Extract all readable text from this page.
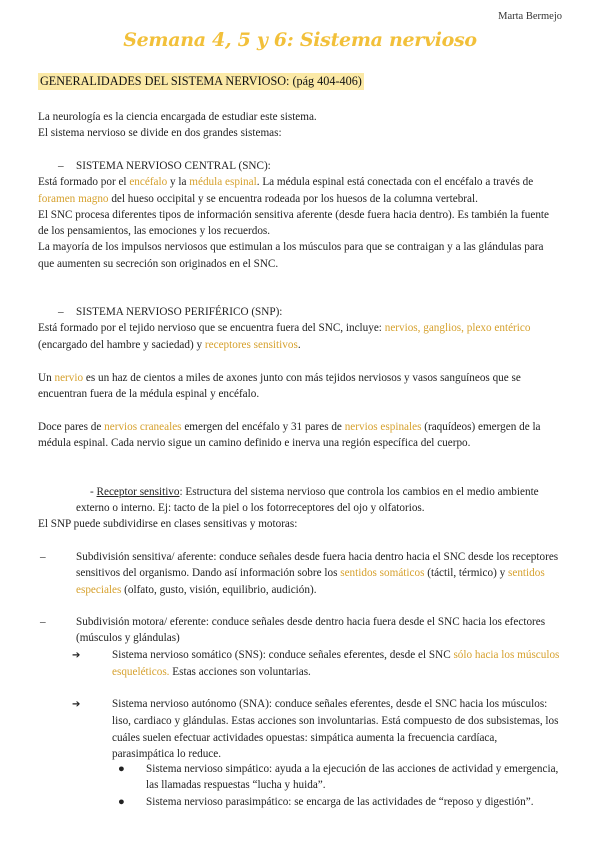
Marta Bermejo
Semana 4, 5 y 6: Sistema nervioso
GENERALIDADES DEL SISTEMA NERVIOSO: (pág 404-406)

La neurología es la ciencia encargada de estudiar este sistema.

El sistema nervioso se divide en dos grandes sistemas:

– SISTEMA NERVIOSO CENTRAL (SNC):

Está formado por el encéfalo y la médula espinal. La médula espinal está conectada con el encéfalo a través de foramen magno del hueso occipital y se encuentra rodeada por los huesos de la columna vertebral.

El SNC procesa diferentes tipos de información sensitiva aferente (desde fuera hacia dentro). Es también la fuente de los pensamientos, las emociones y los recuerdos.

La mayoría de los impulsos nerviosos que estimulan a los músculos para que se contraigan y a las glándulas para que aumenten su secreción son originados en el SNC.

– SISTEMA NERVIOSO PERIFÉRICO (SNP):

Está formado por el tejido nervioso que se encuentra fuera del SNC, incluye: nervios, ganglios, plexo entérico (encargado del hambre y saciedad) y receptores sensitivos.

Un nervio es un haz de cientos a miles de axones junto con más tejidos nerviosos y vasos sanguíneos que se encuentran fuera de la médula espinal y encéfalo.

Doce pares de nervios craneales emergen del encéfalo y 31 pares de nervios espinales (raquídeos) emergen de la médula espinal. Cada nervio sigue un camino definido e inerva una región específica del cuerpo.

- Receptor sensitivo: Estructura del sistema nervioso que controla los cambios en el medio ambiente externo o interno. Ej: tacto de la piel o los fotorreceptores del ojo y olfatorios.

El SNP puede subdividirse en clases sensitivas y motoras:

–	Subdivisión sensitiva/ aferente: conduce señales desde fuera hacia dentro hacia el SNC desde los receptores sensitivos del organismo. Dando así información sobre los sentidos somáticos (táctil, térmico) y sentidos especiales (olfato, gusto, visión, equilibrio, audición).

–	Subdivisión motora/ eferente: conduce señales desde dentro hacia fuera desde el SNC hacia los efectores (músculos y glándulas)

➔	Sistema nervioso somático (SNS): conduce señales eferentes, desde el SNC sólo hacia los músculos esqueléticos. Estas acciones son voluntarias.

➔	Sistema nervioso autónomo (SNA): conduce señales eferentes, desde el SNC hacia los músculos: liso, cardiaco y glándulas. Estas acciones son involuntarias. Está compuesto de dos subsistemas, los cuáles suelen efectuar actividades opuestas: simpática aumenta la frecuencia cardíaca, parasimpática lo reduce.

● Sistema nervioso simpático: ayuda a la ejecución de las acciones de actividad y emergencia, las llamadas respuestas “lucha y huida”.

● Sistema nervioso parasimpático: se encarga de las actividades de “reposo y digestión”.
